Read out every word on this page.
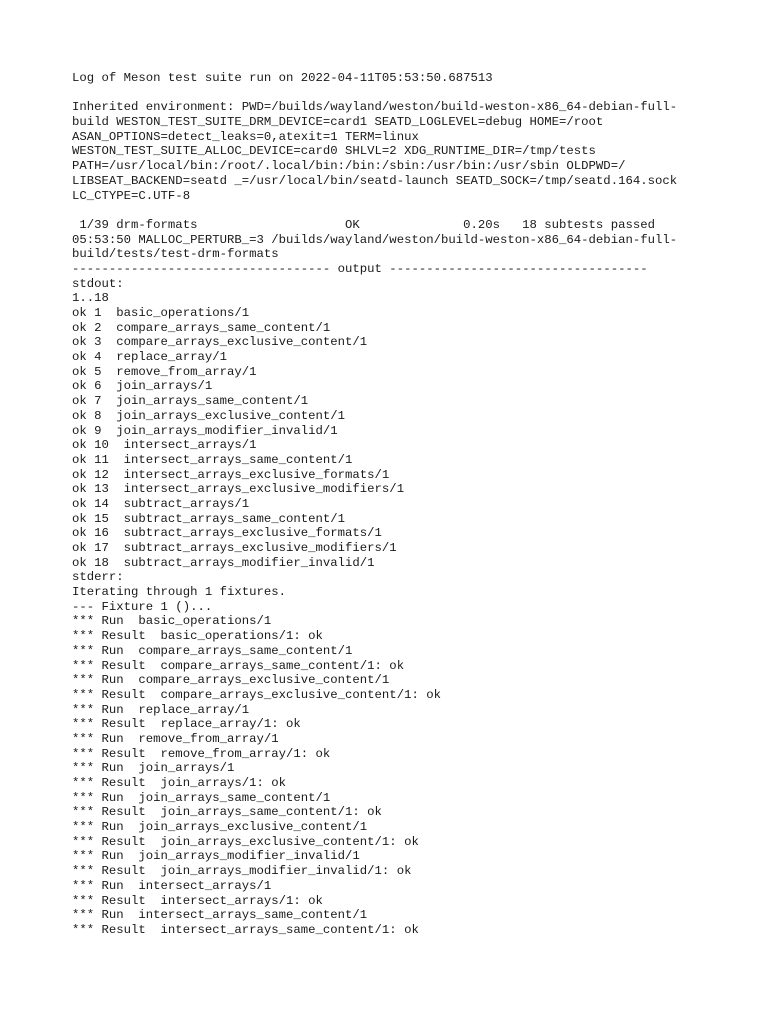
Log of Meson test suite run on 2022-04-11T05:53:50.687513
Inherited environment: PWD=/builds/wayland/weston/build-weston-x86_64-debian-full-
build WESTON_TEST_SUITE_DRM_DEVICE=card1 SEATD_LOGLEVEL=debug HOME=/root
ASAN_OPTIONS=detect_leaks=0,atexit=1 TERM=linux
WESTON_TEST_SUITE_ALLOC_DEVICE=card0 SHLVL=2 XDG_RUNTIME_DIR=/tmp/tests
PATH=/usr/local/bin:/root/.local/bin:/bin:/sbin:/usr/bin:/usr/sbin OLDPWD=/
LIBSEAT_BACKEND=seatd _=/usr/local/bin/seatd-launch SEATD_SOCK=/tmp/seatd.164.sock
LC_CTYPE=C.UTF-8
1/39 drm-formats                    OK              0.20s   18 subtests passed
05:53:50 MALLOC_PERTURB_=3 /builds/wayland/weston/build-weston-x86_64-debian-full-
build/tests/test-drm-formats
----------------------------------- output -----------------------------------
stdout:
1..18
ok 1  basic_operations/1
ok 2  compare_arrays_same_content/1
ok 3  compare_arrays_exclusive_content/1
ok 4  replace_array/1
ok 5  remove_from_array/1
ok 6  join_arrays/1
ok 7  join_arrays_same_content/1
ok 8  join_arrays_exclusive_content/1
ok 9  join_arrays_modifier_invalid/1
ok 10  intersect_arrays/1
ok 11  intersect_arrays_same_content/1
ok 12  intersect_arrays_exclusive_formats/1
ok 13  intersect_arrays_exclusive_modifiers/1
ok 14  subtract_arrays/1
ok 15  subtract_arrays_same_content/1
ok 16  subtract_arrays_exclusive_formats/1
ok 17  subtract_arrays_exclusive_modifiers/1
ok 18  subtract_arrays_modifier_invalid/1
stderr:
Iterating through 1 fixtures.
--- Fixture 1 ()...
*** Run  basic_operations/1
*** Result  basic_operations/1: ok
*** Run  compare_arrays_same_content/1
*** Result  compare_arrays_same_content/1: ok
*** Run  compare_arrays_exclusive_content/1
*** Result  compare_arrays_exclusive_content/1: ok
*** Run  replace_array/1
*** Result  replace_array/1: ok
*** Run  remove_from_array/1
*** Result  remove_from_array/1: ok
*** Run  join_arrays/1
*** Result  join_arrays/1: ok
*** Run  join_arrays_same_content/1
*** Result  join_arrays_same_content/1: ok
*** Run  join_arrays_exclusive_content/1
*** Result  join_arrays_exclusive_content/1: ok
*** Run  join_arrays_modifier_invalid/1
*** Result  join_arrays_modifier_invalid/1: ok
*** Run  intersect_arrays/1
*** Result  intersect_arrays/1: ok
*** Run  intersect_arrays_same_content/1
*** Result  intersect_arrays_same_content/1: ok
